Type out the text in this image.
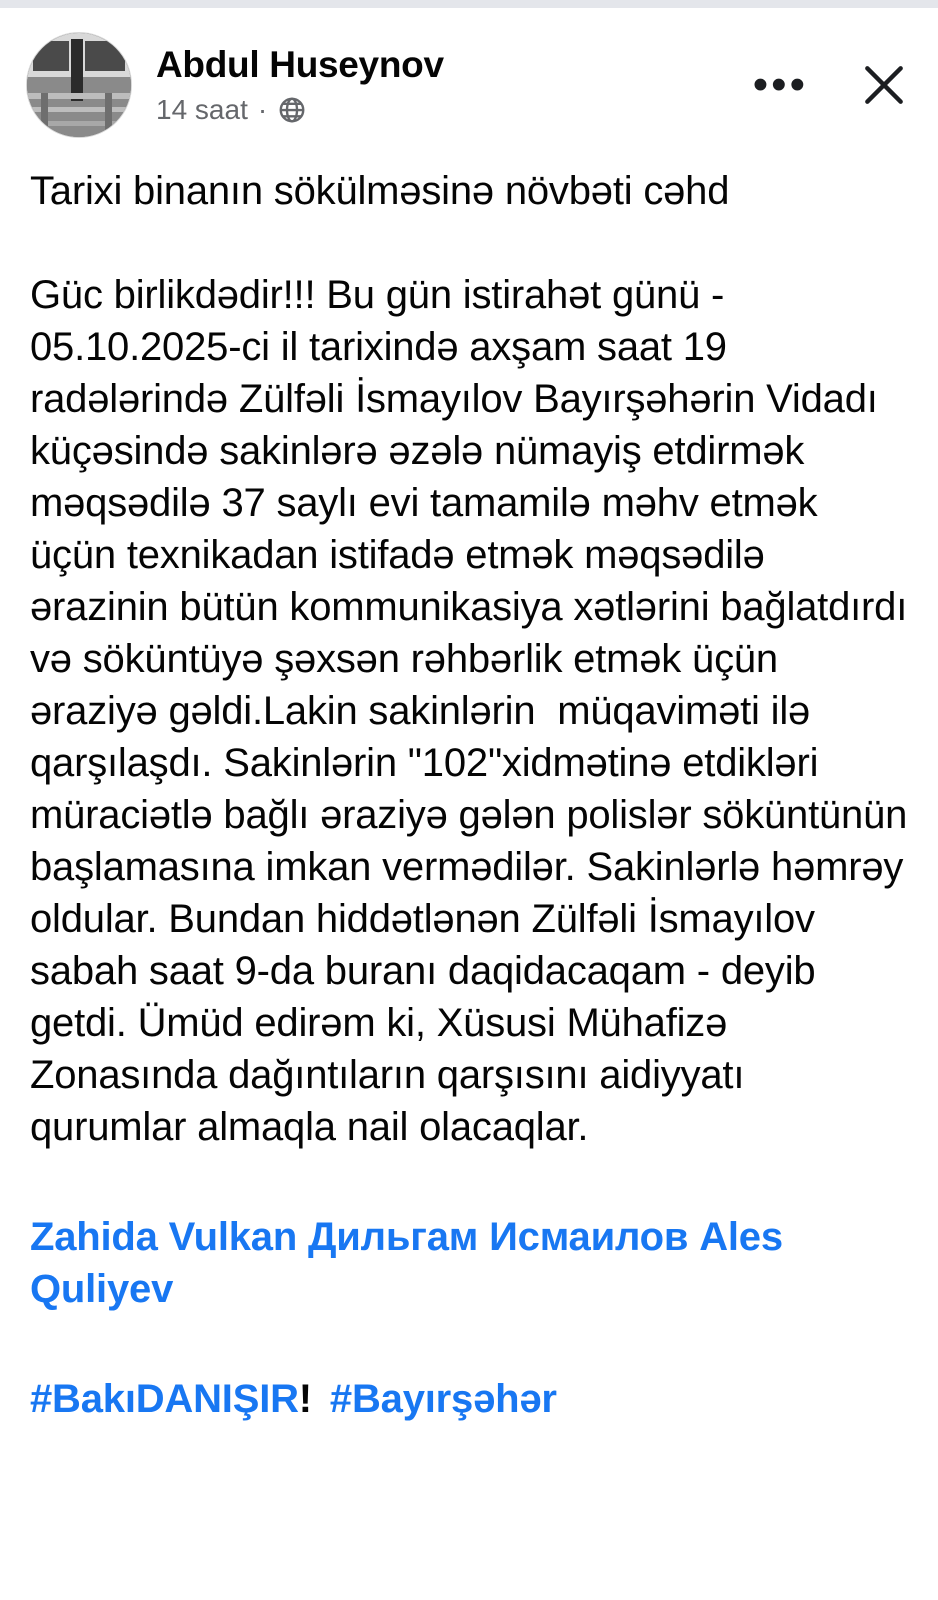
Abdul Huseynov
14 saat ·
•••
Tarixi binanın sökülməsinə növbəti cəhd
Güc birlikdədir!!! Bu gün istirahət günü - 05.10.2025-ci il tarixində axşam saat 19 radələrində Zülfəli İsmayılov Bayırşəhərin Vidadı küçəsində sakinlərə əzələ nümayiş etdirmək məqsədilə 37 saylı evi tamamilə məhv etmək üçün texnikadan istifadə etmək məqsədilə ərazinin bütün kommunikasiya xətlərini bağlatdırdı və söküntüyə şəxsən rəhbərlik etmək üçün əraziyə gəldi.Lakin sakinlərin  müqaviməti ilə qarşılaşdı. Sakinlərin "102"xidmətinə etdikləri müraciətlə bağlı əraziyə gələn polislər söküntünün başlamasına imkan vermədilər. Sakinlərlə həmrəy oldular. Bundan hiddətlənən Zülfəli İsmayılov sabah saat 9-da buranı daqidacaqam - deyib getdi. Ümüd edirəm ki, Xüsusi Mühafizə Zonasında dağıntıların qarşısını aidiyyatı qurumlar almaqla nail olacaqlar.
Zahida Vulkan Дильгам Исмаилов Ales Quliyev
#BakıDANIŞIR! #Bayırşəhər
